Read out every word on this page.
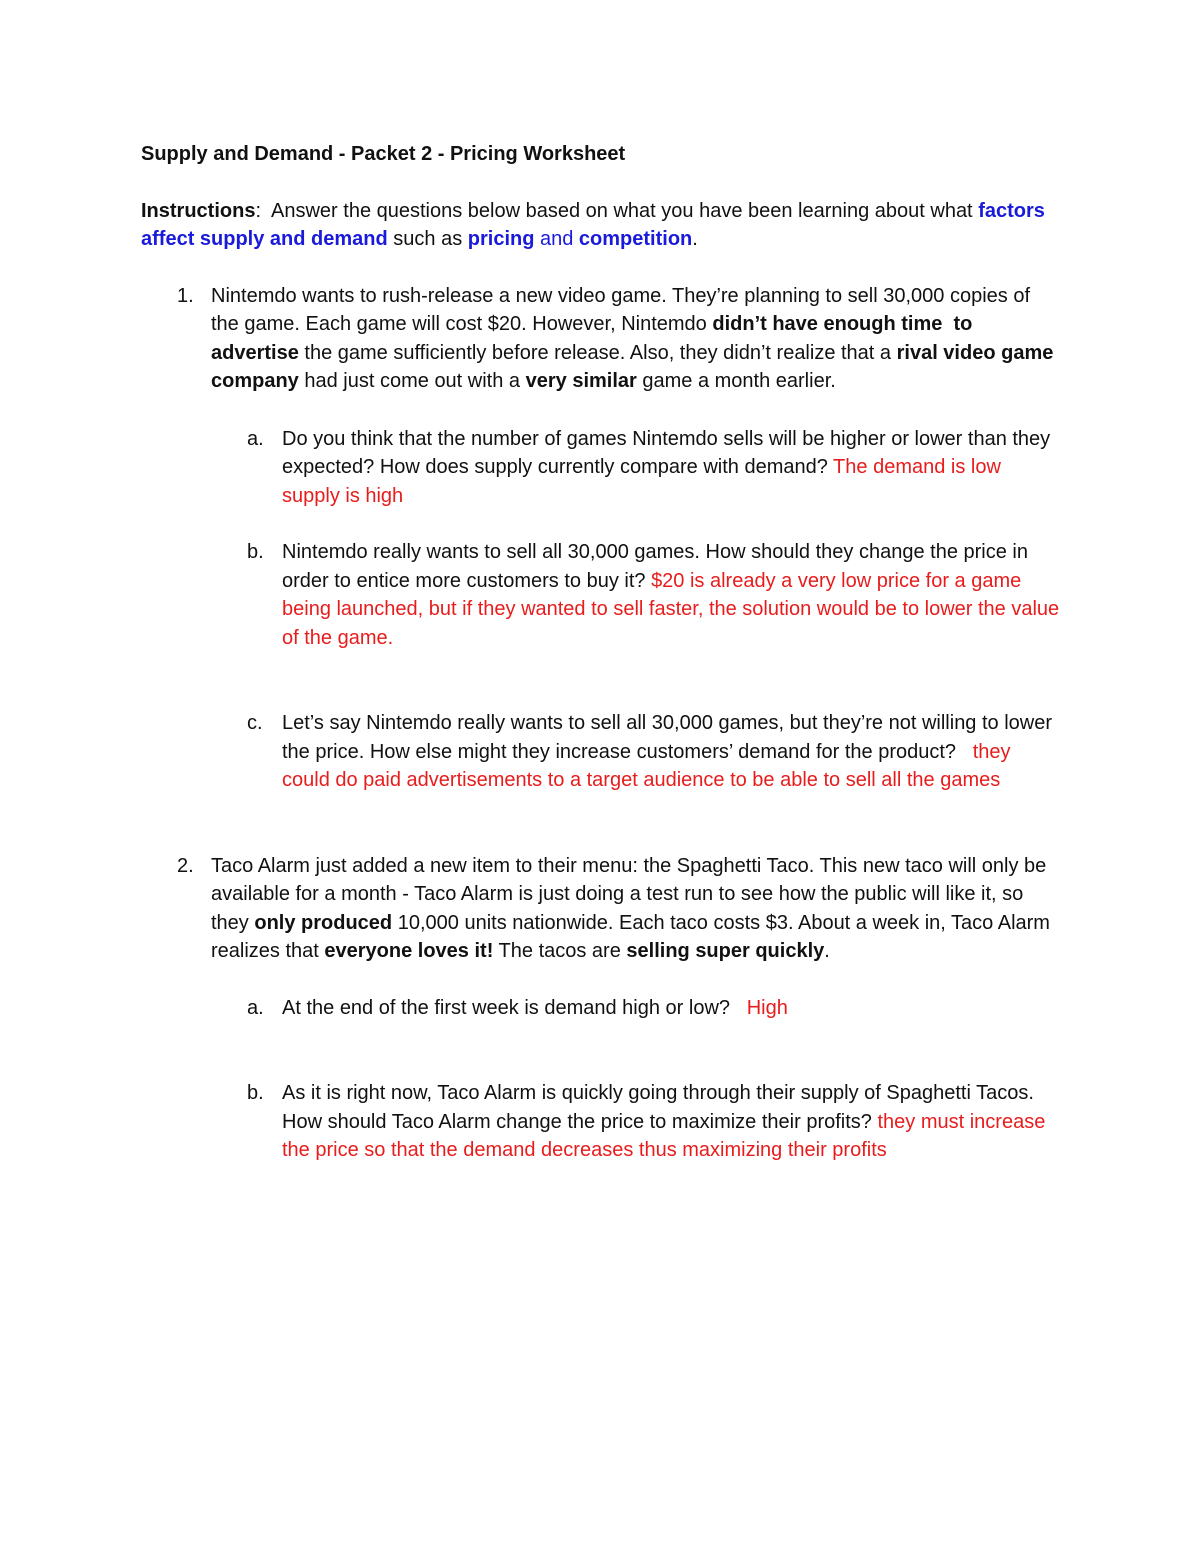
Supply and Demand - Packet 2 - Pricing Worksheet

Instructions:  Answer the questions below based on what you have been learning about what factors affect supply and demand such as pricing and competition.

1. Nintemdo wants to rush-release a new video game. They’re planning to sell 30,000 copies of the game. Each game will cost $20. However, Nintemdo didn’t have enough time  to advertise the game sufficiently before release. Also, they didn’t realize that a rival video game company had just come out with a very similar game a month earlier.
a. Do you think that the number of games Nintemdo sells will be higher or lower than they expected? How does supply currently compare with demand? The demand is low supply is high
b. Nintemdo really wants to sell all 30,000 games. How should they change the price in order to entice more customers to buy it? $20 is already a very low price for a game being launched, but if they wanted to sell faster, the solution would be to lower the value of the game.
c. Let’s say Nintemdo really wants to sell all 30,000 games, but they’re not willing to lower the price. How else might they increase customers’ demand for the product?   they could do paid advertisements to a target audience to be able to sell all the games
2. Taco Alarm just added a new item to their menu: the Spaghetti Taco. This new taco will only be available for a month - Taco Alarm is just doing a test run to see how the public will like it, so they only produced 10,000 units nationwide. Each taco costs $3. About a week in, Taco Alarm realizes that everyone loves it! The tacos are selling super quickly.
a. At the end of the first week is demand high or low?   High
b. As it is right now, Taco Alarm is quickly going through their supply of Spaghetti Tacos. How should Taco Alarm change the price to maximize their profits? they must increase the price so that the demand decreases thus maximizing their profits
